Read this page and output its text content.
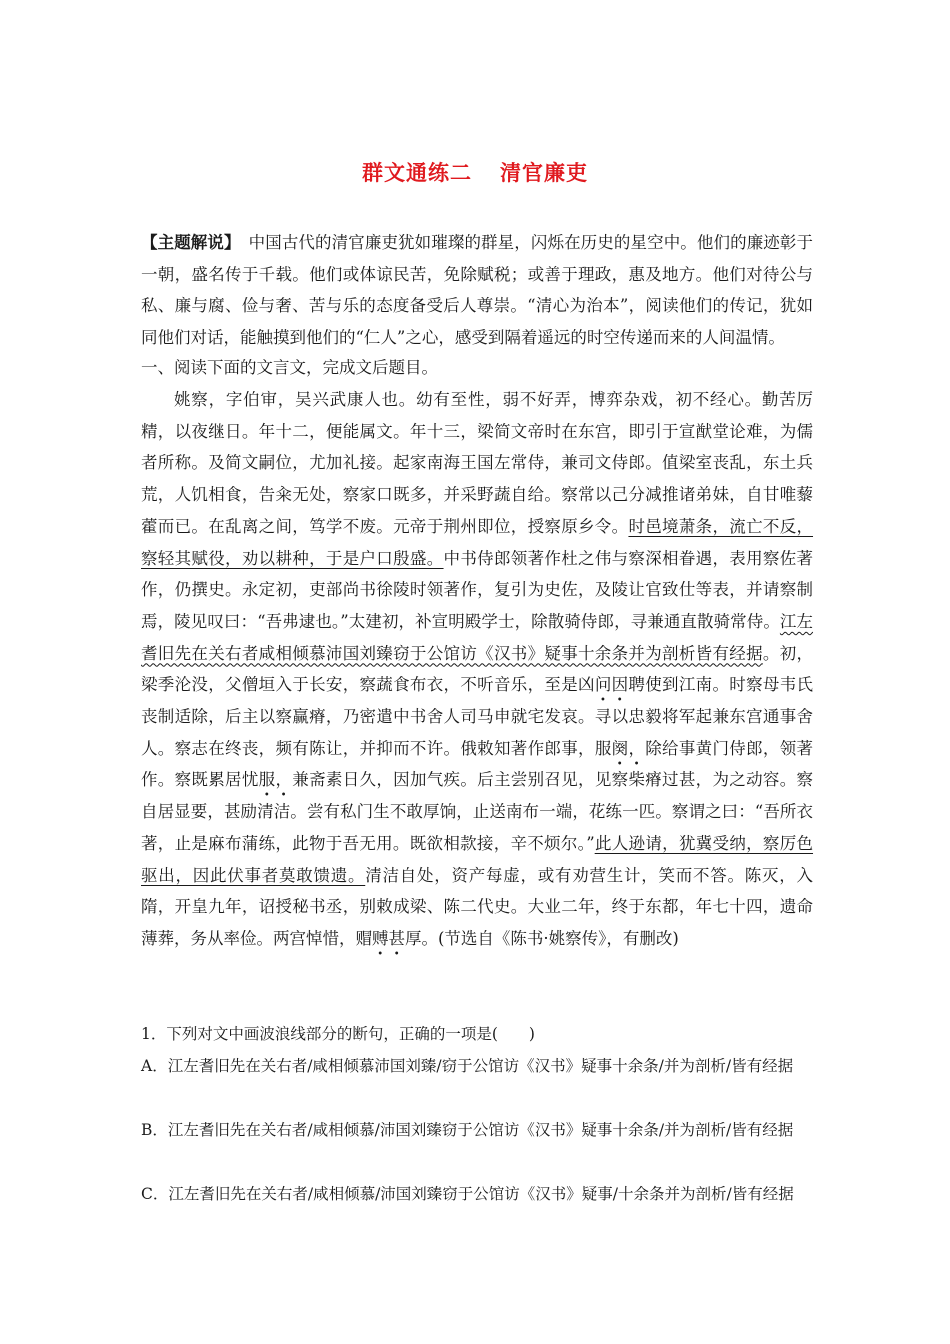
群文通练二 清官廉吏
【主题解说】 中国古代的清官廉吏犹如璀璨的群星，闪烁在历史的星空中。他们的廉迹彰于一朝，盛名传于千载。他们或体谅民苦，免除赋税；或善于理政，惠及地方。他们对待公与私、廉与腐、俭与奢、苦与乐的态度备受后人尊崇。“清心为治本”，阅读他们的传记，犹如同他们对话，能触摸到他们的“仁人”之心，感受到隔着遥远的时空传递而来的人间温情。
一、阅读下面的文言文，完成文后题目。
姚察，字伯审，吴兴武康人也。幼有至性，弱不好弄，博弈杂戏，初不经心。勤苦厉精，以夜继日。年十二，便能属文。年十三，梁简文帝时在东宫，即引于宣猷堂论难，为儒者所称。及简文嗣位，尤加礼接。起家南海王国左常侍，兼司文侍郎。值梁室丧乱，东土兵荒，人饥相食，告籴无处，察家口既多，并采野蔬自给。察常以己分减推诸弟妹，自甘唯藜藿而已。在乱离之间，笃学不废。元帝于荆州即位，授察原乡令。时邑境萧条，流亡不反，察轻其赋役，劝以耕种，于是户口殷盛。中书侍郎领著作杜之伟与察深相眷遇，表用察佐著作，仍撰史。永定初，吏部尚书徐陵时领著作，复引为史佐，及陵让官致仕等表，并请察制焉，陵见叹曰：“吾弗逮也。”太建初，补宣明殿学士，除散骑侍郎，寻兼通直散骑常侍。江左耆旧先在关右者咸相倾慕沛国刘臻窃于公馆访《汉书》疑事十余条并为剖析皆有经据。初，梁季沦没，父僧垣入于长安，察蔬食布衣，不听音乐，至是凶问因聘使到江南。时察母韦氏丧制适除，后主以察赢瘠，乃密遣中书舍人司马申就宅发哀。寻以忠毅将军起兼东宫通事舍人。察志在终丧，频有陈让，并抑而不许。俄敕知著作郎事，服阕，除给事黄门侍郎，领著作。察既累居忧服，兼斋素日久，因加气疾。后主尝别召见，见察柴瘠过甚，为之动容。察自居显要，甚励清洁。尝有私门生不敢厚饷，止送南布一端，花练一匹。察谓之曰：“吾所衣著，止是麻布蒲练，此物于吾无用。既欲相款接，辛不烦尔。”此人逊请，犹冀受纳，察厉色驱出，因此伏事者莫敢馈遗。清洁自处，资产每虚，或有劝营生计，笑而不答。陈灭，入隋，开皇九年，诏授秘书丞，别敕成梁、陈二代史。大业二年，终于东都，年七十四，遗命薄葬，务从率俭。两宫悼惜，赗赙甚厚。(节选自《陈书·姚察传》，有删改)
1．下列对文中画波浪线部分的断句，正确的一项是(　　)
A．江左耆旧先在关右者/咸相倾慕沛国刘臻/窃于公馆访《汉书》疑事十余条/并为剖析/皆有经据
B．江左耆旧先在关右者/咸相倾慕/沛国刘臻窃于公馆访《汉书》疑事十余条/并为剖析/皆有经据
C．江左耆旧先在关右者/咸相倾慕/沛国刘臻窃于公馆访《汉书》疑事/十余条并为剖析/皆有经据
